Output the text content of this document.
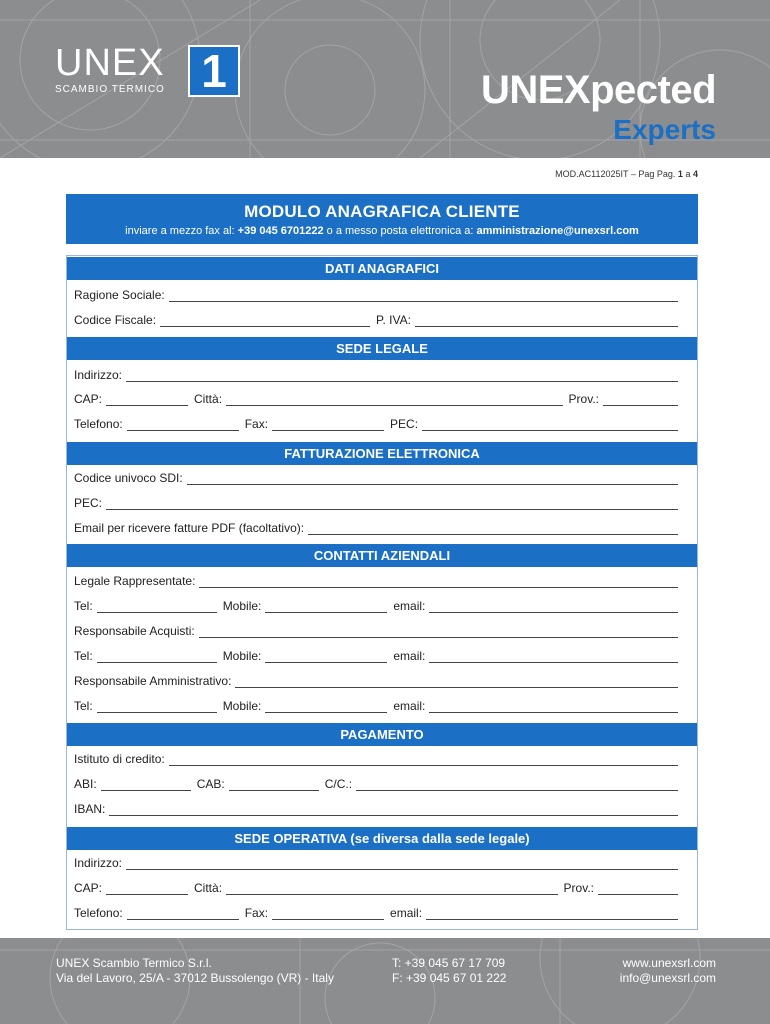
UNEX
SCAMBIO TERMICO 1	UNEXpected
Experts
MOD.AC112025IT – Pag Pag. 1 a 4
MODULO ANAGRAFICA CLIENTE
inviare a mezzo fax al: +39 045 6701222 o a messo posta elettronica a: amministrazione@unexsrl.com
DATI ANAGRAFICI
Ragione Sociale:
Codice Fiscale:	P. IVA:
SEDE LEGALE
Indirizzo:
CAP:	Città:	Prov.:
Telefono:	Fax:	PEC:
FATTURAZIONE ELETTRONICA
Codice univoco SDI:
PEC:
Email per ricevere fatture PDF (facoltativo):
CONTATTI AZIENDALI
Legale Rappresentate:
Tel:	Mobile:	email:
Responsabile Acquisti:
Tel:	Mobile:	email:
Responsabile Amministrativo:
Tel:	Mobile:	email:
PAGAMENTO
Istituto di credito:
ABI:	CAB:	C/C.:
IBAN:
SEDE OPERATIVA (se diversa dalla sede legale)
Indirizzo:
CAP:	Città:	Prov.:
Telefono:	Fax:	email:
UNEX Scambio Termico S.r.l.
Via del Lavoro, 25/A - 37012 Bussolengo (VR) - Italy
T: +39 045 67 17 709
F: +39 045 67 01 222
www.unexsrl.com
info@unexsrl.com
